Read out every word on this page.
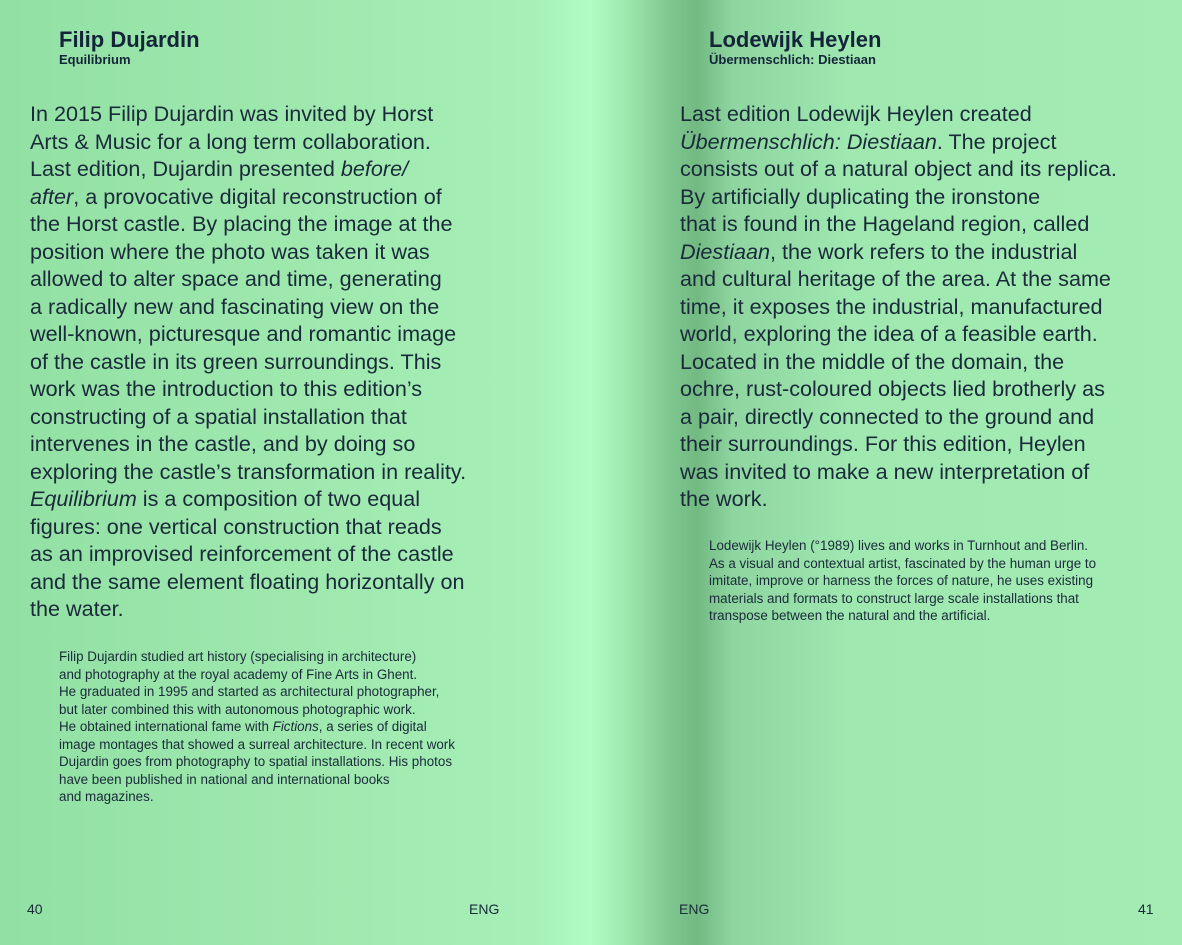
Filip Dujardin
Equilibrium
In 2015 Filip Dujardin was invited by Horst
Arts & Music for a long term collaboration.
Last edition, Dujardin presented before/
after, a provocative digital reconstruction of
the Horst castle. By placing the image at the
position where the photo was taken it was
allowed to alter space and time, generating
a radically new and fascinating view on the
well-known, picturesque and romantic image
of the castle in its green surroundings. This
work was the introduction to this edition’s
constructing of a spatial installation that
intervenes in the castle, and by doing so
exploring the castle’s transformation in reality.
Equilibrium is a composition of two equal
figures: one vertical construction that reads
as an improvised reinforcement of the castle
and the same element floating horizontally on
the water.
Filip Dujardin studied art history (specialising in architecture)
and photography at the royal academy of Fine Arts in Ghent.
He graduated in 1995 and started as architectural photographer,
but later combined this with autonomous photographic work.
He obtained international fame with Fictions, a series of digital
image montages that showed a surreal architecture. In recent work
Dujardin goes from photography to spatial installations. His photos
have been published in national and international books
and magazines.
40	ENG
Lodewijk Heylen
Übermenschlich: Diestiaan
Last edition Lodewijk Heylen created
Übermenschlich: Diestiaan. The project
consists out of a natural object and its replica.
By artificially duplicating the ironstone
that is found in the Hageland region, called
Diestiaan, the work refers to the industrial
and cultural heritage of the area. At the same
time, it exposes the industrial, manufactured
world, exploring the idea of a feasible earth.
Located in the middle of the domain, the
ochre, rust-coloured objects lied brotherly as
a pair, directly connected to the ground and
their surroundings. For this edition, Heylen
was invited to make a new interpretation of
the work.
Lodewijk Heylen (°1989) lives and works in Turnhout and Berlin.
As a visual and contextual artist, fascinated by the human urge to
imitate, improve or harness the forces of nature, he uses existing
materials and formats to construct large scale installations that
transpose between the natural and the artificial.
ENG	41
